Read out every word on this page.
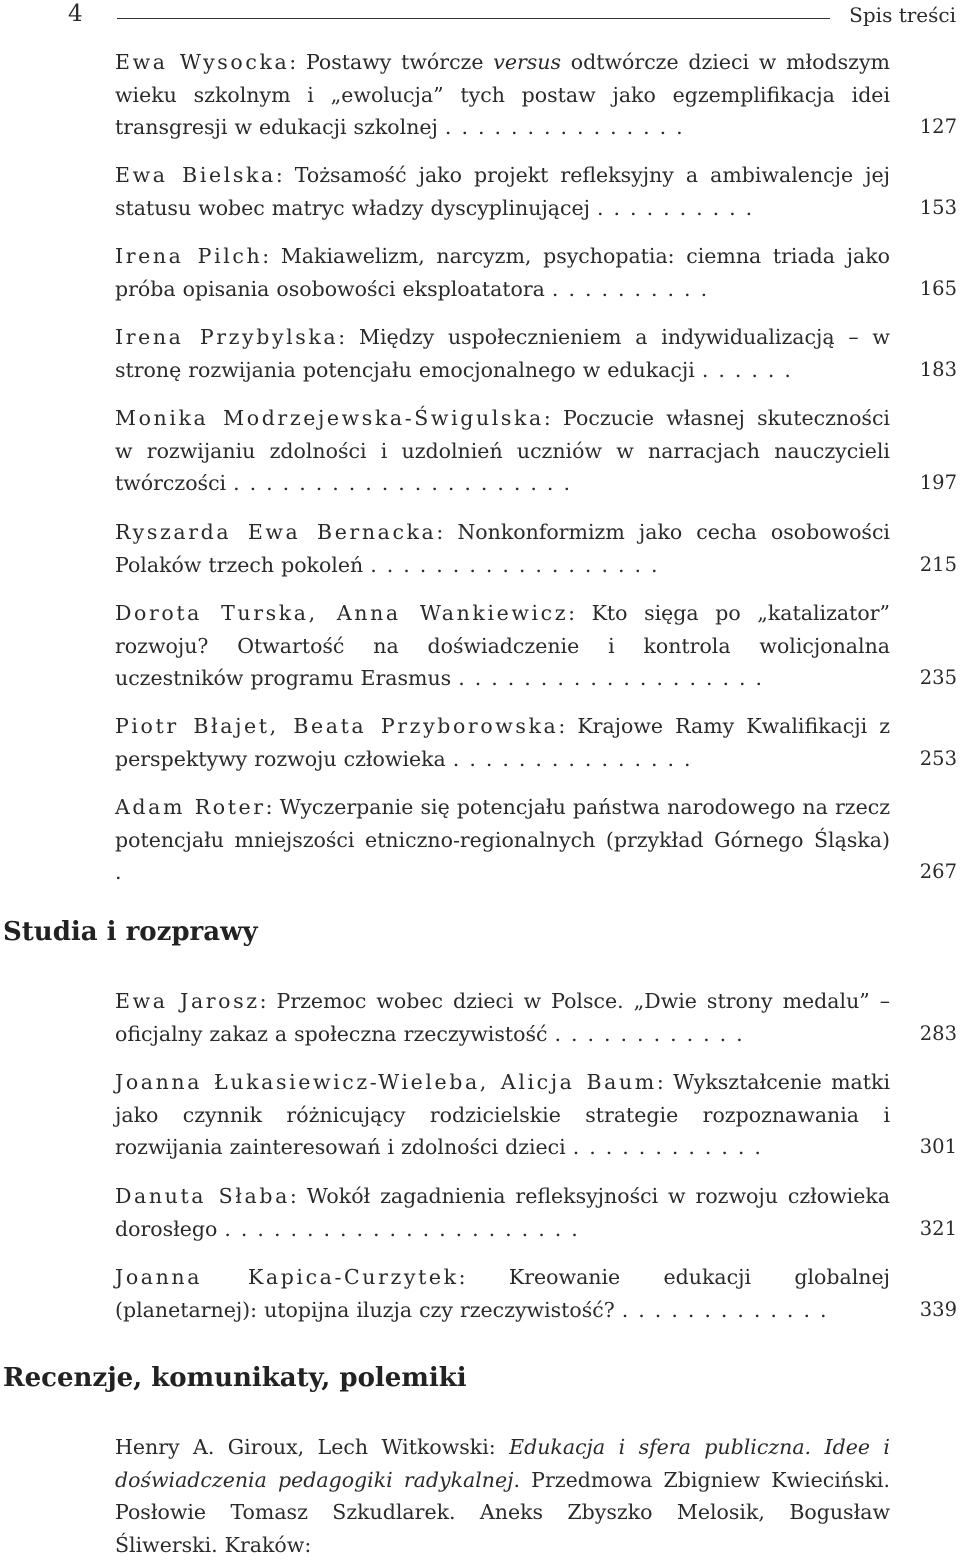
4	Spis treści
Studia i rozprawy
Recenzje, komunikaty, polemiki
Henry A. Giroux, Lech Witkowski: Edukacja i sfera publiczna. Idee i doświadczenia pedagogiki radykalnej. Przedmowa Zbigniew Kwieciński. Posłowie Tomasz Szkudlarek. Aneks Zbyszko Melosik, Bogusław Śliwerski. Kraków:
Ewa Wysocka: Postawy twórcze versus odtwórcze dzieci w młodszym wieku szkolnym i „ewolucja” tych postaw jako egzemplifikacja idei transgresji w edukacji szkolnej ...............	127
Ewa Bielska: Tożsamość jako projekt refleksyjny a ambiwalencje jej statusu wobec matryc władzy dyscyplinującej ..........	153
Irena Pilch: Makiawelizm, narcyzm, psychopatia: ciemna triada jako próba opisania osobowości eksploatatora ..........	165
Irena Przybylska: Między uspołecznieniem a indywidualizacją – w stronę rozwijania potencjału emocjonalnego w edukacji ......	183
Monika Modrzejewska-Świgulska: Poczucie własnej skuteczności w rozwijaniu zdolności i uzdolnień uczniów w narracjach nauczycieli twórczości .....................	197
Ryszarda Ewa Bernacka: Nonkonformizm jako cecha osobowości Polaków trzech pokoleń ..................	215
Dorota Turska, Anna Wankiewicz: Kto sięga po „katalizator” rozwoju? Otwartość na doświadczenie i kontrola wolicjonalna uczestników programu Erasmus ...................	235
Piotr Błajet, Beata Przyborowska: Krajowe Ramy Kwalifikacji z perspektywy rozwoju człowieka ...............	253
Adam Roter: Wyczerpanie się potencjału państwa narodowego na rzecz potencjału mniejszości etniczno-regionalnych (przykład Górnego Śląska) .	267
Ewa Jarosz: Przemoc wobec dzieci w Polsce. „Dwie strony medalu” – oficjalny zakaz a społeczna rzeczywistość ............	283
Joanna Łukasiewicz-Wieleba, Alicja Baum: Wykształcenie matki jako czynnik różnicujący rodzicielskie strategie rozpoznawania i rozwijania zainteresowań i zdolności dzieci ............	301
Danuta Słaba: Wokół zagadnienia refleksyjności w rozwoju człowieka dorosłego ......................	321
Joanna Kapica-Curzytek: Kreowanie edukacji globalnej (planetarnej): utopijna iluzja czy rzeczywistość? .............	339
